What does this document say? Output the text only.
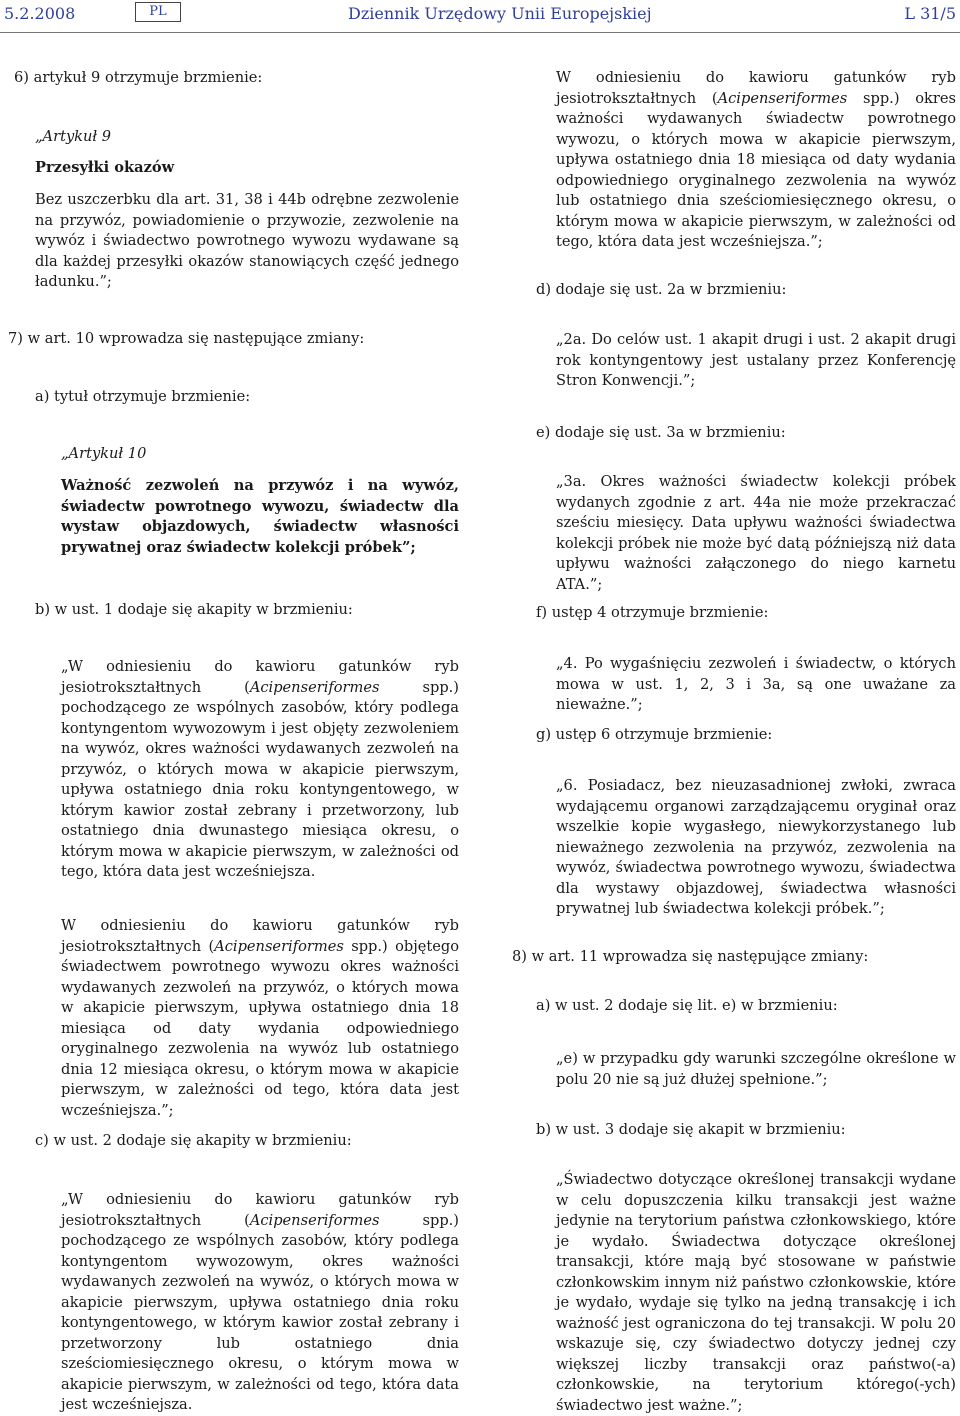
5.2.2008	PL	Dziennik Urzędowy Unii Europejskiej	L 31/5
6) artykuł 9 otrzymuje brzmienie:
„Artykuł 9
Przesyłki okazów
Bez uszczerbku dla art. 31, 38 i 44b odrębne zezwolenie na przywóz, powiadomienie o przywozie, zezwolenie na wywóz i świadectwo powrotnego wywozu wydawane są dla każdej przesyłki okazów stanowiących część jednego ładunku.”;
7) w art. 10 wprowadza się następujące zmiany:
a) tytuł otrzymuje brzmienie:
„Artykuł 10
Ważność zezwoleń na przywóz i na wywóz, świadectw powrotnego wywozu, świadectw dla wystaw objazdowych, świadectw własności prywatnej oraz świadectw kolekcji próbek”;
b) w ust. 1 dodaje się akapity w brzmieniu:
„W odniesieniu do kawioru gatunków ryb jesiotrokształtnych (Acipenseriformes spp.) pochodzącego ze wspólnych zasobów, który podlega kontyngentom wywozowym i jest objęty zezwoleniem na wywóz, okres ważności wydawanych zezwoleń na przywóz, o których mowa w akapicie pierwszym, upływa ostatniego dnia roku kontyngentowego, w którym kawior został zebrany i przetworzony, lub ostatniego dnia dwunastego miesiąca okresu, o którym mowa w akapicie pierwszym, w zależności od tego, która data jest wcześniejsza.
W odniesieniu do kawioru gatunków ryb jesiotrokształtnych (Acipenseriformes spp.) objętego świadectwem powrotnego wywozu okres ważności wydawanych zezwoleń na przywóz, o których mowa w akapicie pierwszym, upływa ostatniego dnia 18 miesiąca od daty wydania odpowiedniego oryginalnego zezwolenia na wywóz lub ostatniego dnia 12 miesiąca okresu, o którym mowa w akapicie pierwszym, w zależności od tego, która data jest wcześniejsza.”;
c) w ust. 2 dodaje się akapity w brzmieniu:
„W odniesieniu do kawioru gatunków ryb jesiotrokształtnych (Acipenseriformes spp.) pochodzącego ze wspólnych zasobów, który podlega kontyngentom wywozowym, okres ważności wydawanych zezwoleń na wywóz, o których mowa w akapicie pierwszym, upływa ostatniego dnia roku kontyngentowego, w którym kawior został zebrany i przetworzony lub ostatniego dnia sześciomiesięcznego okresu, o którym mowa w akapicie pierwszym, w zależności od tego, która data jest wcześniejsza.
W odniesieniu do kawioru gatunków ryb jesiotrokształtnych (Acipenseriformes spp.) okres ważności wydawanych świadectw powrotnego wywozu, o których mowa w akapicie pierwszym, upływa ostatniego dnia 18 miesiąca od daty wydania odpowiedniego oryginalnego zezwolenia na wywóz lub ostatniego dnia sześciomiesięcznego okresu, o którym mowa w akapicie pierwszym, w zależności od tego, która data jest wcześniejsza.”;
d) dodaje się ust. 2a w brzmieniu:
„2a. Do celów ust. 1 akapit drugi i ust. 2 akapit drugi rok kontyngentowy jest ustalany przez Konferencję Stron Konwencji.”;
e) dodaje się ust. 3a w brzmieniu:
„3a. Okres ważności świadectw kolekcji próbek wydanych zgodnie z art. 44a nie może przekraczać sześciu miesięcy. Data upływu ważności świadectwa kolekcji próbek nie może być datą późniejszą niż data upływu ważności załączonego do niego karnetu ATA.”;
f) ustęp 4 otrzymuje brzmienie:
„4. Po wygaśnięciu zezwoleń i świadectw, o których mowa w ust. 1, 2, 3 i 3a, są one uważane za nieważne.”;
g) ustęp 6 otrzymuje brzmienie:
„6. Posiadacz, bez nieuzasadnionej zwłoki, zwraca wydającemu organowi zarządzającemu oryginał oraz wszelkie kopie wygasłego, niewykorzystanego lub nieważnego zezwolenia na przywóz, zezwolenia na wywóz, świadectwa powrotnego wywozu, świadectwa dla wystawy objazdowej, świadectwa własności prywatnej lub świadectwa kolekcji próbek.”;
8) w art. 11 wprowadza się następujące zmiany:
a) w ust. 2 dodaje się lit. e) w brzmieniu:
„e) w przypadku gdy warunki szczególne określone w polu 20 nie są już dłużej spełnione.”;
b) w ust. 3 dodaje się akapit w brzmieniu:
„Świadectwo dotyczące określonej transakcji wydane w celu dopuszczenia kilku transakcji jest ważne jedynie na terytorium państwa członkowskiego, które je wydało. Świadectwa dotyczące określonej transakcji, które mają być stosowane w państwie członkowskim innym niż państwo członkowskie, które je wydało, wydaje się tylko na jedną transakcję i ich ważność jest ograniczona do tej transakcji. W polu 20 wskazuje się, czy świadectwo dotyczy jednej czy większej liczby transakcji oraz państwo(-a) członkowskie, na terytorium którego(-ych) świadectwo jest ważne.”;
